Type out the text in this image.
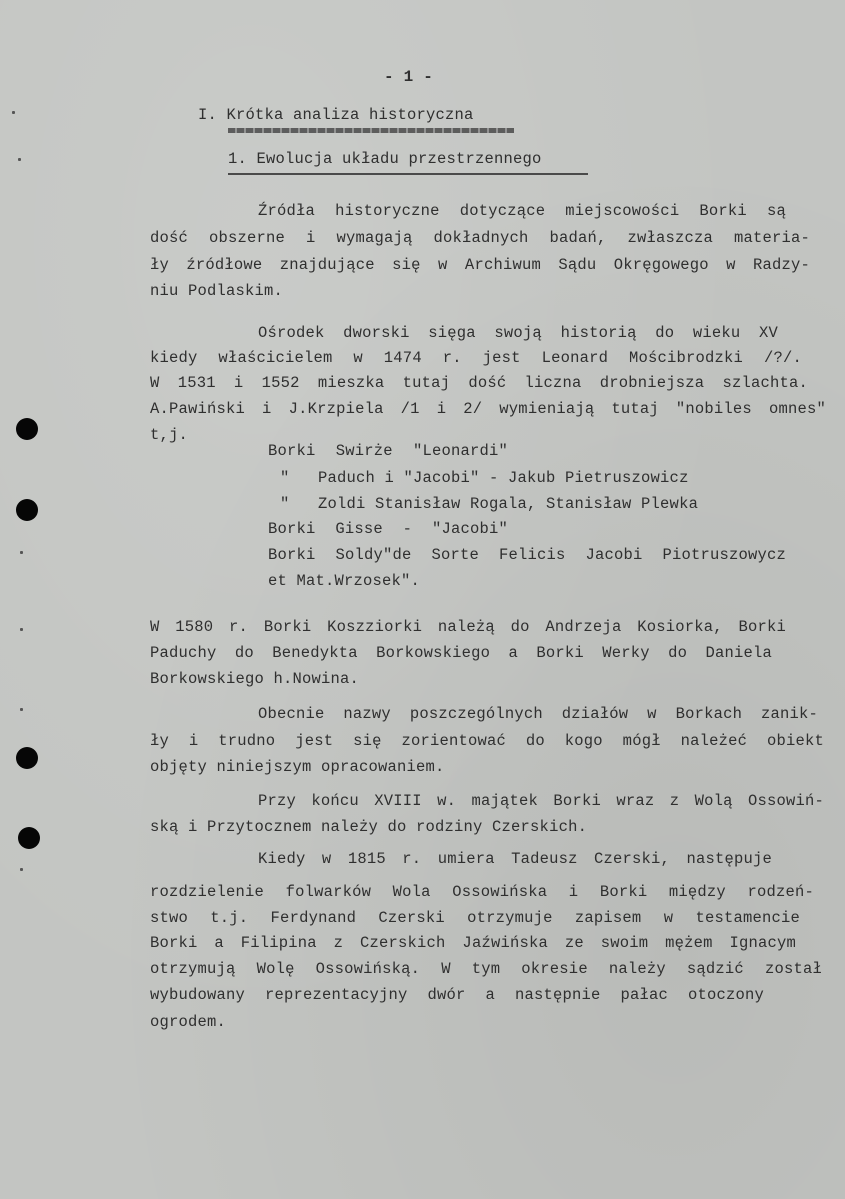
- 1 -
I. Krótka analiza historyczna
1. Ewolucja układu przestrzennego
Źródła historyczne dotyczące miejscowości Borki są
dość obszerne i wymagają dokładnych badań, zwłaszcza materia-
ły źródłowe znajdujące się w Archiwum Sądu Okręgowego w Radzy-
niu Podlaskim.
Ośrodek dworski sięga swoją historią do wieku XV
kiedy właścicielem w 1474 r. jest Leonard Mościbrodzki /?/.
W 1531 i 1552 mieszka tutaj dość liczna drobniejsza szlachta.
A.Pawiński i J.Krzpiela /1 i 2/ wymieniają tutaj "nobiles omnes"
t,j.
Borki Swirże "Leonardi"
"   Paduch i "Jacobi" - Jakub Pietruszowicz
"   Zoldi Stanisław Rogala, Stanisław Plewka
Borki Gisse - "Jacobi"
Borki Soldy"de Sorte Felicis Jacobi Piotruszowycz
et Mat.Wrzosek".
W 1580 r. Borki Koszziorki należą do Andrzeja Kosiorka, Borki
Paduchy do Benedykta Borkowskiego a Borki Werky do Daniela
Borkowskiego h.Nowina.
Obecnie nazwy poszczególnych działów w Borkach zanik-
ły i trudno jest się zorientować do kogo mógł należeć obiekt
objęty niniejszym opracowaniem.
Przy końcu XVIII w. majątek Borki wraz z Wolą Ossowiń-
ską i Przytocznem należy do rodziny Czerskich.
Kiedy w 1815 r. umiera Tadeusz Czerski, następuje
rozdzielenie folwarków Wola Ossowińska i Borki między rodzeń-
stwo t.j. Ferdynand Czerski otrzymuje zapisem w testamencie
Borki a Filipina z Czerskich Jaźwińska ze swoim mężem Ignacym
otrzymują Wolę Ossowińską. W tym okresie należy sądzić został
wybudowany reprezentacyjny dwór a następnie pałac otoczony
ogrodem.
